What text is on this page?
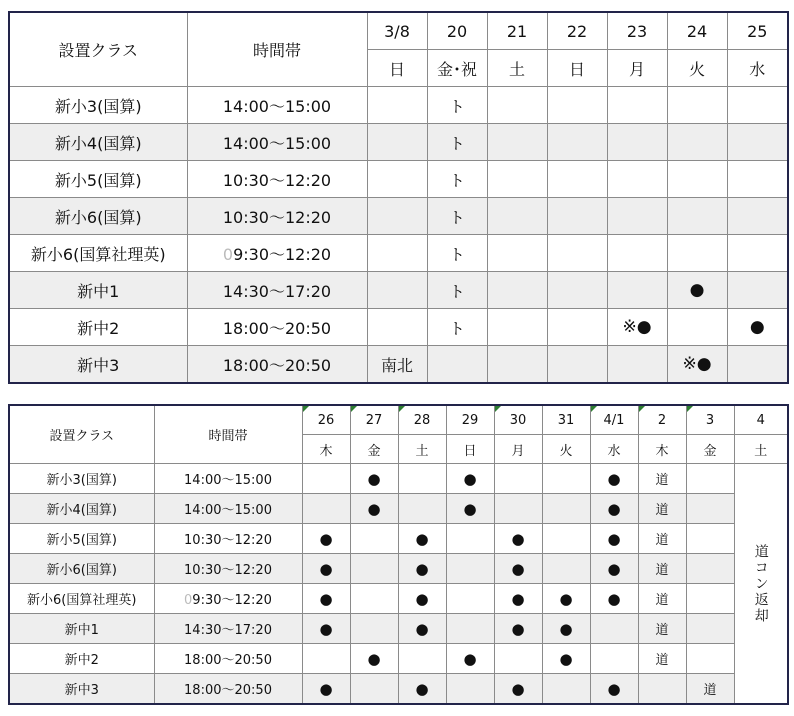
設置クラス	時間帯	3/8	20	21	22	23	24	25
		日	金･祝	土	日	月	火	水
新小3(国算)	14:00～15:00		ト					
新小4(国算)	14:00～15:00		ト					
新小5(国算)	10:30～12:20		ト					
新小6(国算)	10:30～12:20		ト					
新小6(国算社理英)	09:30～12:20		ト					
新中1	14:30～17:20		ト				●	
新中2	18:00～20:50		ト			※●		●
新中3	18:00～20:50	南北					※●	
設置クラス	時間帯	26	27	28	29	30	31	4/1	2	3	4
		木	金	土	日	月	火	水	木	金	土
新小3(国算)	14:00～15:00		●		●			●	道		道コン返却
新小4(国算)	14:00～15:00		●		●			●	道		
新小5(国算)	10:30～12:20	●		●		●		●	道		
新小6(国算)	10:30～12:20	●		●		●		●	道		
新小6(国算社理英)	09:30～12:20	●		●		●	●	●	道		
新中1	14:30～17:20	●		●		●	●		道		
新中2	18:00～20:50		●		●		●		道		
新中3	18:00～20:50	●		●		●		●		道	
